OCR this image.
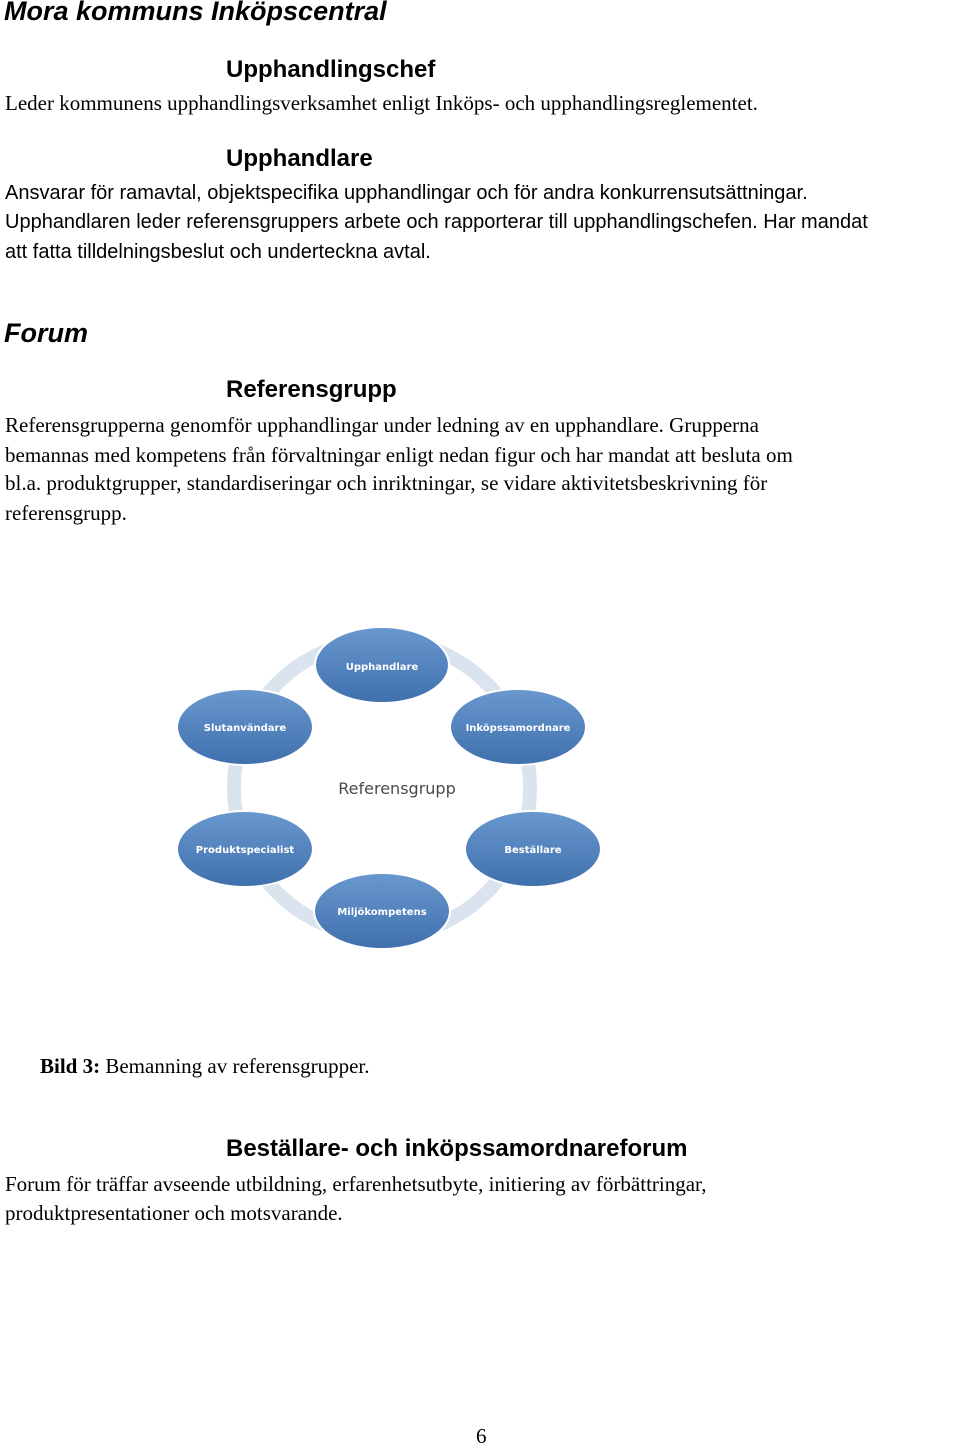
Mora kommuns Inköpscentral
Upphandlingschef
Leder kommunens upphandlingsverksamhet enligt Inköps- och upphandlingsreglementet.
Upphandlare
Ansvarar för ramavtal, objektspecifika upphandlingar och för andra konkurrensutsättningar.
Upphandlaren leder referensgruppers arbete och rapporterar till upphandlingschefen. Har mandat
att fatta tilldelningsbeslut och underteckna avtal.
Forum
Referensgrupp
Referensgrupperna genomför upphandlingar under ledning av en upphandlare. Grupperna
bemannas med kompetens från förvaltningar enligt nedan figur och har mandat att besluta om
bl.a. produktgrupper, standardiseringar och inriktningar, se vidare aktivitetsbeskrivning för
referensgrupp.
Referensgrupp
Upphandlare
Inköpssamordnare
Beställare
Miljökompetens
Produktspecialist
Slutanvändare
Bild 3: Bemanning av referensgrupper.
Beställare- och inköpssamordnareforum
Forum för träffar avseende utbildning, erfarenhetsutbyte, initiering av förbättringar,
produktpresentationer och motsvarande.
6
